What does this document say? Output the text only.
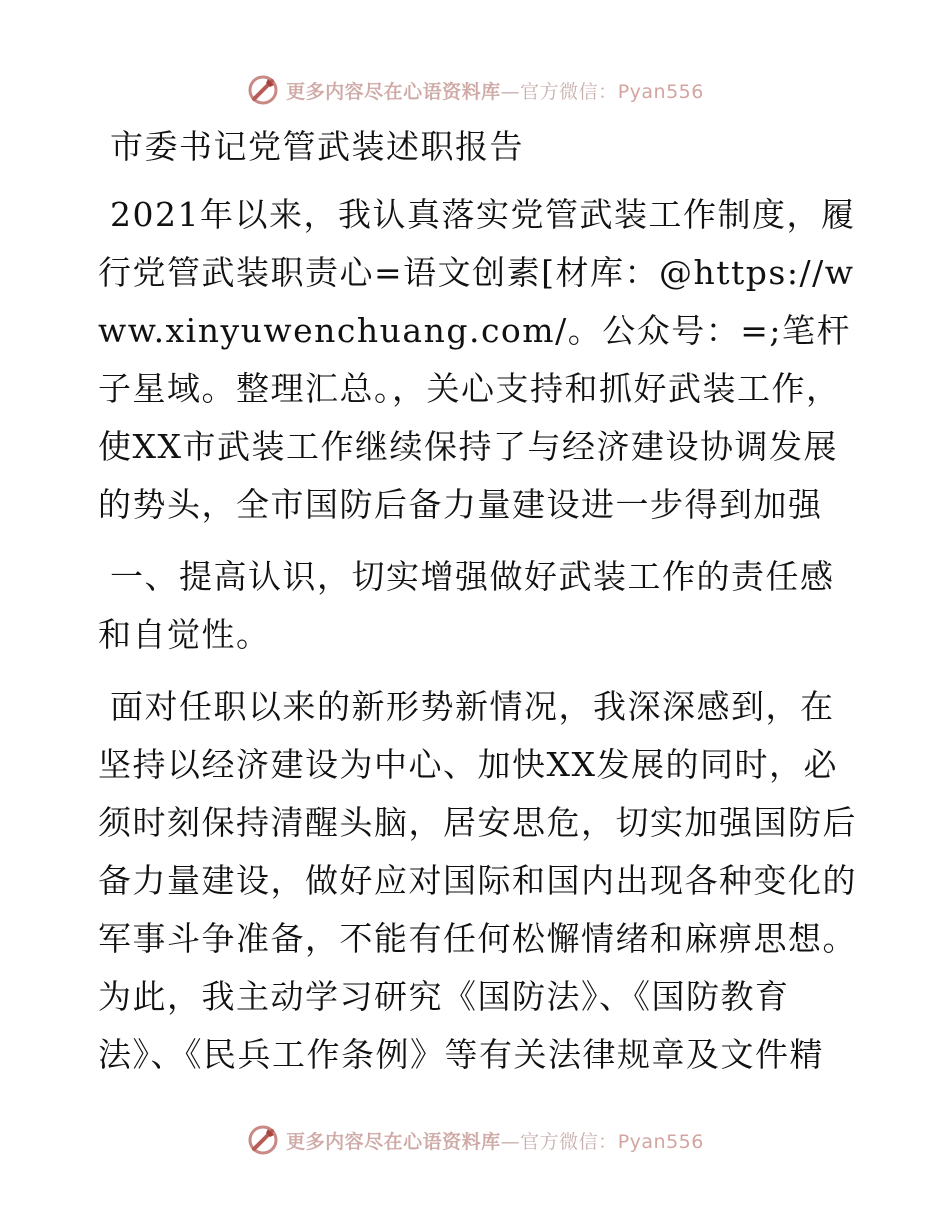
更多内容尽在心语资料库—官方微信：Pyan556

市委书记党管武装述职报告

2021年以来，我认真落实党管武装工作制度，履行党管武装职责心=语文创素[材库：@https://www.xinyuwenchuang.com/。公众号：=;笔杆子星域。整理汇总。，关心支持和抓好武装工作，使XX市武装工作继续保持了与经济建设协调发展的势头，全市国防后备力量建设进一步得到加强

一、提高认识，切实增强做好武装工作的责任感和自觉性。

面对任职以来的新形势新情况，我深深感到，在坚持以经济建设为中心、加快XX发展的同时，必须时刻保持清醒头脑，居安思危，切实加强国防后备力量建设，做好应对国际和国内出现各种变化的军事斗争准备，不能有任何松懈情绪和麻痹思想。为此，我主动学习研究《国防法》、《国防教育法》、《民兵工作条例》等有关法律规章及文件精

更多内容尽在心语资料库—官方微信：Pyan556
